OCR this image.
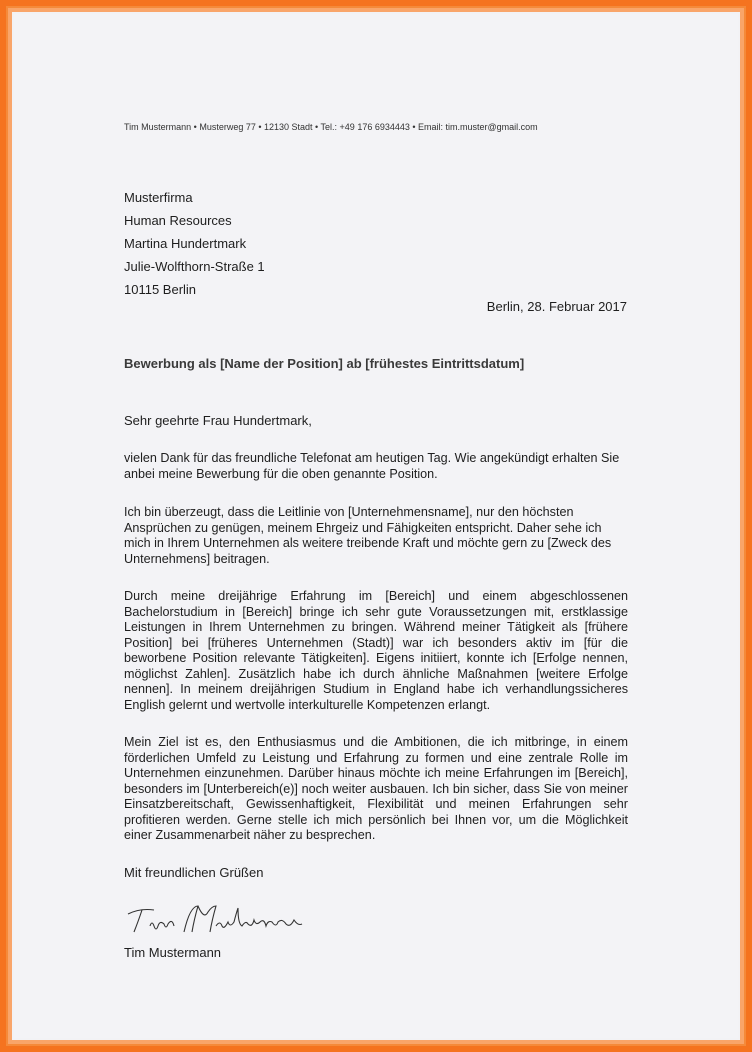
Tim Mustermann • Musterweg 77 • 12130 Stadt • Tel.: +49 176 6934443 • Email: tim.muster@gmail.com
Musterfirma
Human Resources
Martina Hundertmark
Julie-Wolfthorn-Straße 1
10115 Berlin
Berlin, 28. Februar 2017
Bewerbung als [Name der Position] ab [frühestes Eintrittsdatum]
Sehr geehrte Frau Hundertmark,
vielen Dank für das freundliche Telefonat am heutigen Tag. Wie angekündigt erhalten Sie anbei meine Bewerbung für die oben genannte Position.
Ich bin überzeugt, dass die Leitlinie von [Unternehmensname], nur den höchsten Ansprüchen zu genügen, meinem Ehrgeiz und Fähigkeiten entspricht. Daher sehe ich mich in Ihrem Unternehmen als weitere treibende Kraft und möchte gern zu [Zweck des Unternehmens] beitragen.
Durch meine dreijährige Erfahrung im [Bereich] und einem abgeschlossenen Bachelorstudium in [Bereich] bringe ich sehr gute Voraussetzungen mit, erstklassige Leistungen in Ihrem Unternehmen zu bringen. Während meiner Tätigkeit als [frühere Position] bei [früheres Unternehmen (Stadt)] war ich besonders aktiv im [für die beworbene Position relevante Tätigkeiten]. Eigens initiiert, konnte ich [Erfolge nennen, möglichst Zahlen]. Zusätzlich habe ich durch ähnliche Maßnahmen [weitere Erfolge nennen]. In meinem dreijährigen Studium in England habe ich verhandlungssicheres English gelernt und wertvolle interkulturelle Kompetenzen erlangt.
Mein Ziel ist es, den Enthusiasmus und die Ambitionen, die ich mitbringe, in einem förderlichen Umfeld zu Leistung und Erfahrung zu formen und eine zentrale Rolle im Unternehmen einzunehmen. Darüber hinaus möchte ich meine Erfahrungen im [Bereich], besonders im [Unterbereich(e)] noch weiter ausbauen. Ich bin sicher, dass Sie von meiner Einsatzbereitschaft, Gewissenhaftigkeit, Flexibilität und meinen Erfahrungen sehr profitieren werden. Gerne stelle ich mich persönlich bei Ihnen vor, um die Möglichkeit einer Zusammenarbeit näher zu besprechen.
Mit freundlichen Grüßen
Tim Mustermann
